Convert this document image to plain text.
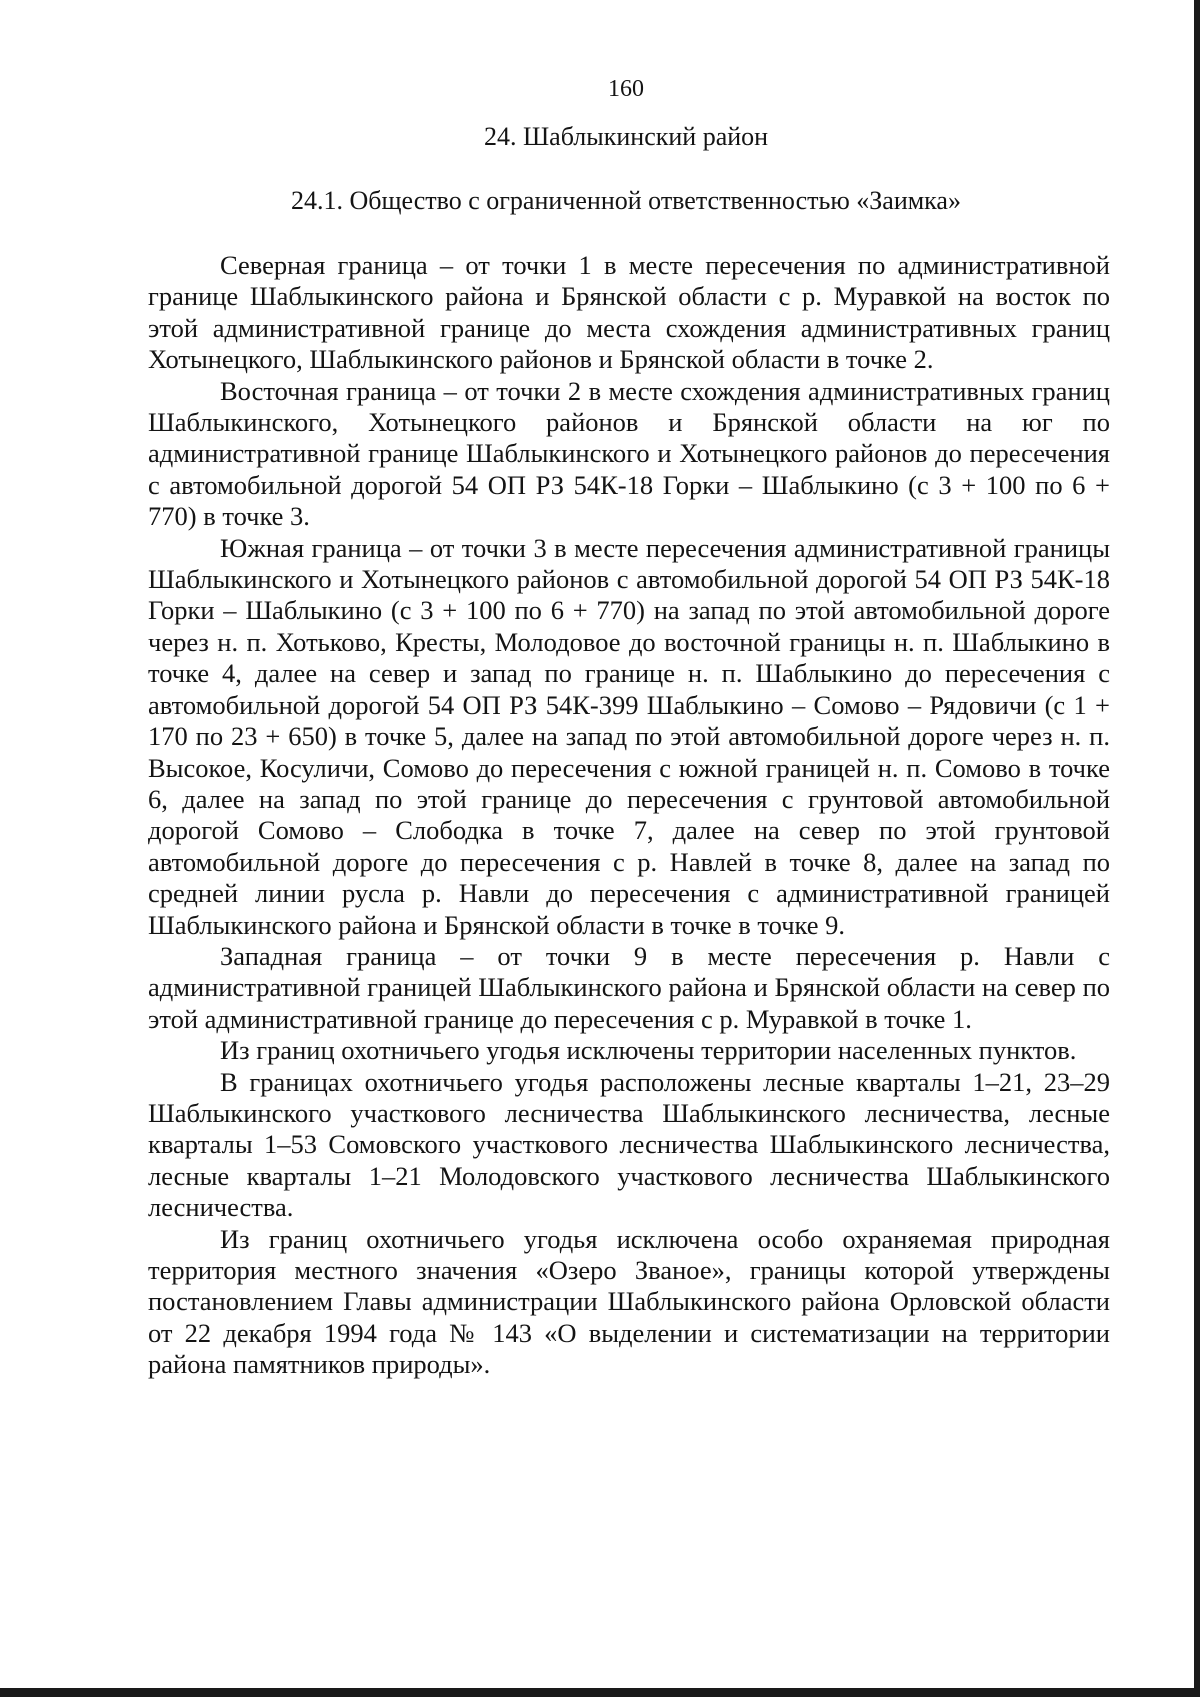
160
24. Шаблыкинский район
24.1. Общество с ограниченной ответственностью «Заимка»

Северная граница – от точки 1 в месте пересечения по административной границе Шаблыкинского района и Брянской области с р. Муравкой на восток по этой административной границе до места схождения административных границ Хотынецкого, Шаблыкинского районов и Брянской области в точке 2.

Восточная граница – от точки 2 в месте схождения административных границ Шаблыкинского, Хотынецкого районов и Брянской области на юг по административной границе Шаблыкинского и Хотынецкого районов до пересечения с автомобильной дорогой 54 ОП РЗ 54К-18 Горки – Шаблыкино (с 3 + 100 по 6 + 770) в точке 3.

Южная граница – от точки 3 в месте пересечения административной границы Шаблыкинского и Хотынецкого районов с автомобильной дорогой 54 ОП РЗ 54К-18 Горки – Шаблыкино (с 3 + 100 по 6 + 770) на запад по этой автомобильной дороге через н. п. Хотьково, Кресты, Молодовое до восточной границы н. п. Шаблыкино в точке 4, далее на север и запад по границе н. п. Шаблыкино до пересечения с автомобильной дорогой 54 ОП РЗ 54К-399 Шаблыкино – Сомово – Рядовичи (с 1 + 170 по 23 + 650) в точке 5, далее на запад по этой автомобильной дороге через н. п. Высокое, Косуличи, Сомово до пересечения с южной границей н. п. Сомово в точке 6, далее на запад по этой границе до пересечения с грунтовой автомобильной дорогой Сомово – Слободка в точке 7, далее на север по этой грунтовой автомобильной дороге до пересечения с р. Навлей в точке 8, далее на запад по средней линии русла р. Навли до пересечения с административной границей Шаблыкинского района и Брянской области в точке в точке 9.

Западная граница – от точки 9 в месте пересечения р. Навли с административной границей Шаблыкинского района и Брянской области на север по этой административной границе до пересечения с р. Муравкой в точке 1.

Из границ охотничьего угодья исключены территории населенных пунктов.

В границах охотничьего угодья расположены лесные кварталы 1–21, 23–29 Шаблыкинского участкового лесничества Шаблыкинского лесничества, лесные кварталы 1–53 Сомовского участкового лесничества Шаблыкинского лесничества, лесные кварталы 1–21 Молодовского участкового лесничества Шаблыкинского лесничества.

Из границ охотничьего угодья исключена особо охраняемая природная территория местного значения «Озеро Званое», границы которой утверждены постановлением Главы администрации Шаблыкинского района Орловской области от 22 декабря 1994 года № 143 «О выделении и систематизации на территории района памятников природы».
